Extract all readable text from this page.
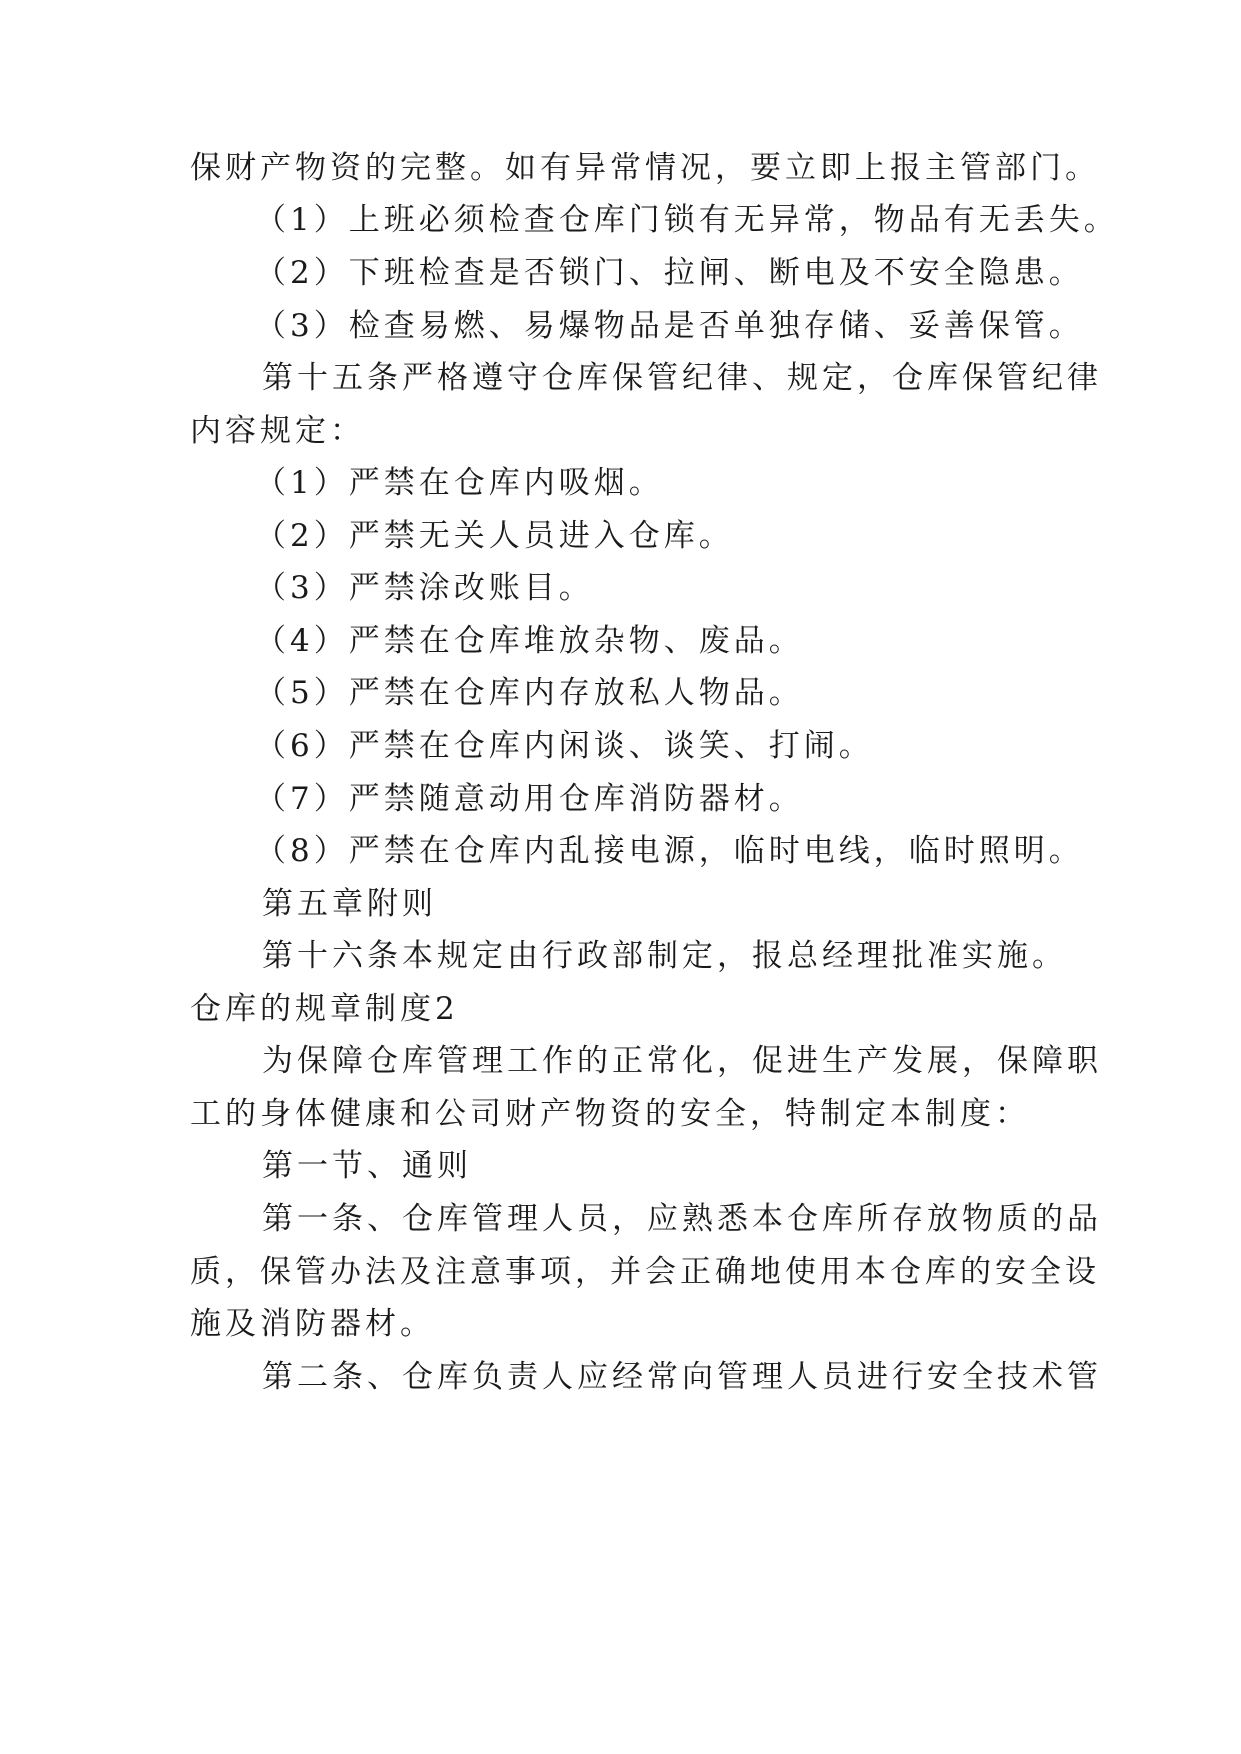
保财产物资的完整。如有异常情况，要立即上报主管部门。

（1）上班必须检查仓库门锁有无异常，物品有无丢失。

（2）下班检查是否锁门、拉闸、断电及不安全隐患。

（3）检查易燃、易爆物品是否单独存储、妥善保管。

第十五条严格遵守仓库保管纪律、规定，仓库保管纪律

内容规定：

（1）严禁在仓库内吸烟。

（2）严禁无关人员进入仓库。

（3）严禁涂改账目。

（4）严禁在仓库堆放杂物、废品。

（5）严禁在仓库内存放私人物品。

（6）严禁在仓库内闲谈、谈笑、打闹。

（7）严禁随意动用仓库消防器材。

（8）严禁在仓库内乱接电源，临时电线，临时照明。

第五章附则

第十六条本规定由行政部制定，报总经理批准实施。

仓库的规章制度2

为保障仓库管理工作的正常化，促进生产发展，保障职

工的身体健康和公司财产物资的安全，特制定本制度：

第一节、通则

第一条、仓库管理人员，应熟悉本仓库所存放物质的品

质，保管办法及注意事项，并会正确地使用本仓库的安全设

施及消防器材。

第二条、仓库负责人应经常向管理人员进行安全技术管
